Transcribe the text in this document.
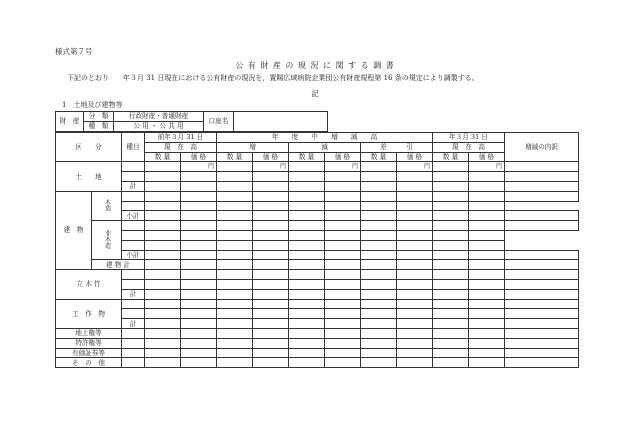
様式第７号
公 有 財 産 の 現 況 に 関 す る 調 書
下記のとおり　　年３月 31 日現在における公有財産の現況を，置賜広域病院企業団公有財産規程第 16 条の規定により調製する。
記
1　土地及び建物等
財　産	分　類	行政財産・普通財産	口座名	
	種　類	公 用 ・ 公 共 用		
区　　分		種目	前年３月 31 日		年　　度　　中　　増　　減　　高						年３月 31 日		増減の内訳
			現　在　高		増		減		差　　　引		現　在　高		
			数 量	価 格	数 量	価 格	数 量	価 格	数 量	価 格	数 量	価 格	
土　　地				円		円		円		円		円	

		計											
建　物	木造												

		小計											
	非木造												

		小計											
	建 物 計												
立 木 竹													

		計											
工　作　物													

		計											
地上権等													
特許権等													
有価証券等													
そ　の　他													
